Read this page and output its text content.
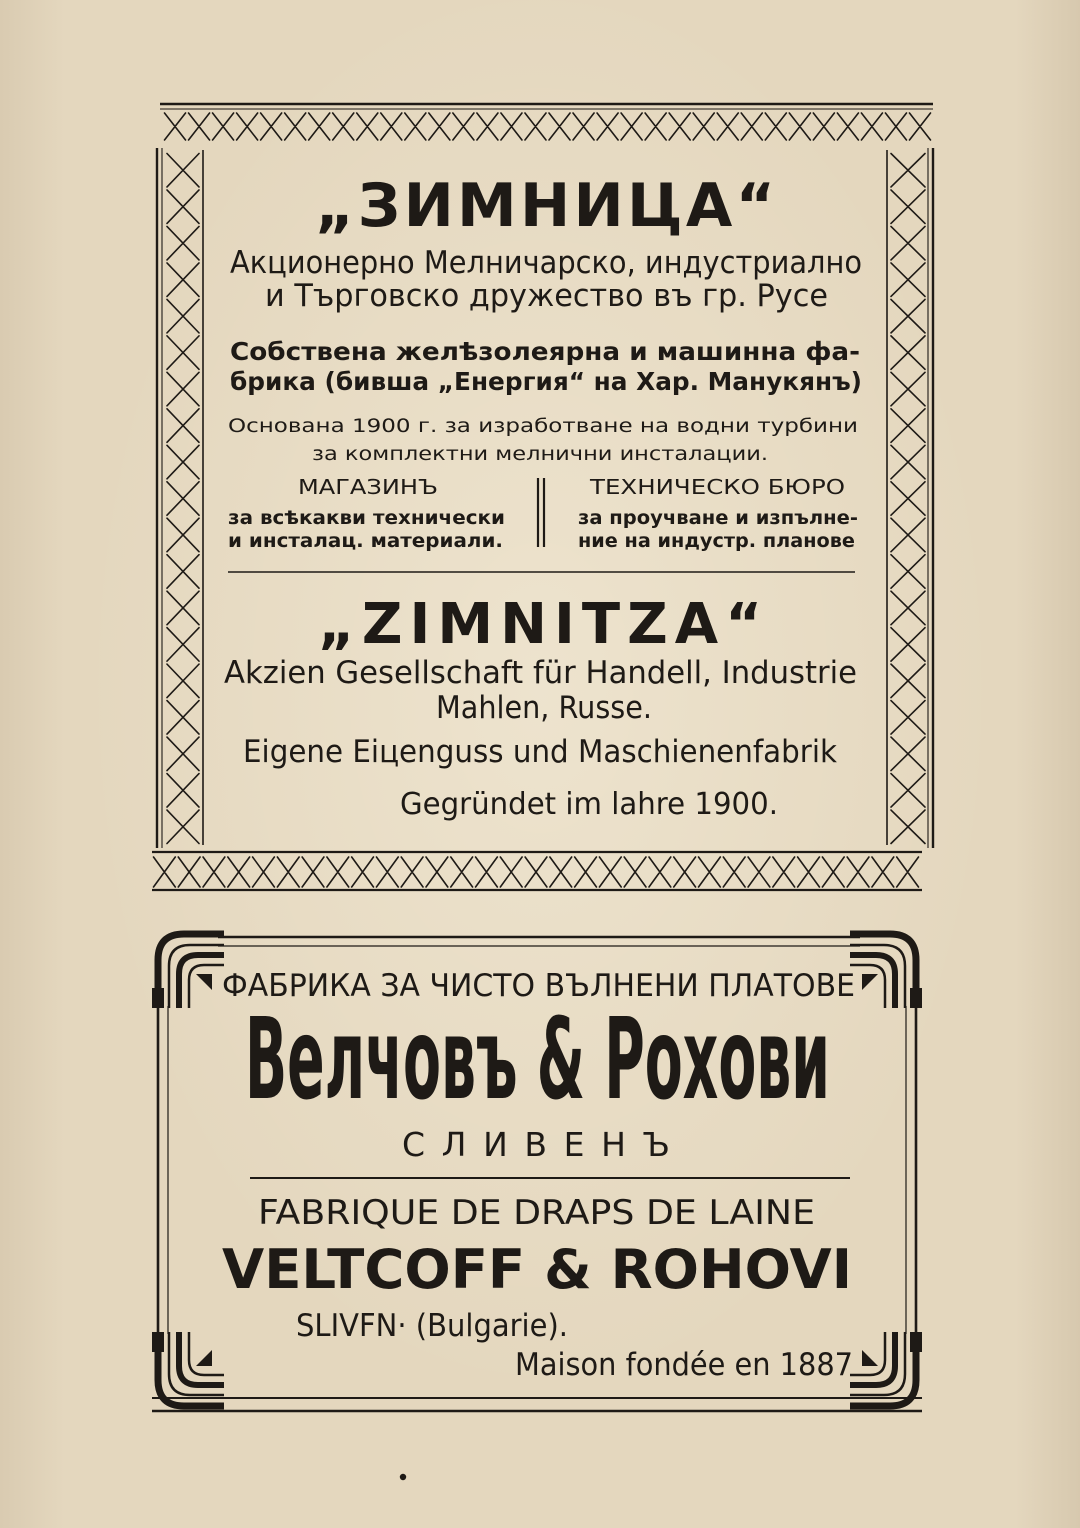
„ЗИМНИЦА“
Акционерно Мелничарско, индустриално
и Търговско дружество въ гр. Русе
Собствена желѣзолеярна и машинна фа-
брика (бивша „Енергия“ на Хар. Манукянъ)
Основана 1900 г. за изработване на водни турбини
за комплектни мелнични инсталации.
МАГАЗИНЪ
за всѣкакви технически
и инсталац. материали.
ТЕХНИЧЕСКО БЮРО
за проучване и изпълне-
ние на индустр. планове
„ZIMNITZA“
Akzien Gesellschaft für Handell, Industrie
Mahlen, Russe.
Eigene Eiцenguss und Maschienenfabrik
Gegründet im lahre 1900.
ФАБРИКА ЗА ЧИСТО ВЪЛНЕНИ ПЛАТОВЕ
Велчовъ & Рохови
СЛИВЕНЪ
FABRIQUE DE DRAPS DE LAINE
VELTCOFF & ROHOVI
SLIVFN· (Bulgarie).
Maison fondée en 1887
